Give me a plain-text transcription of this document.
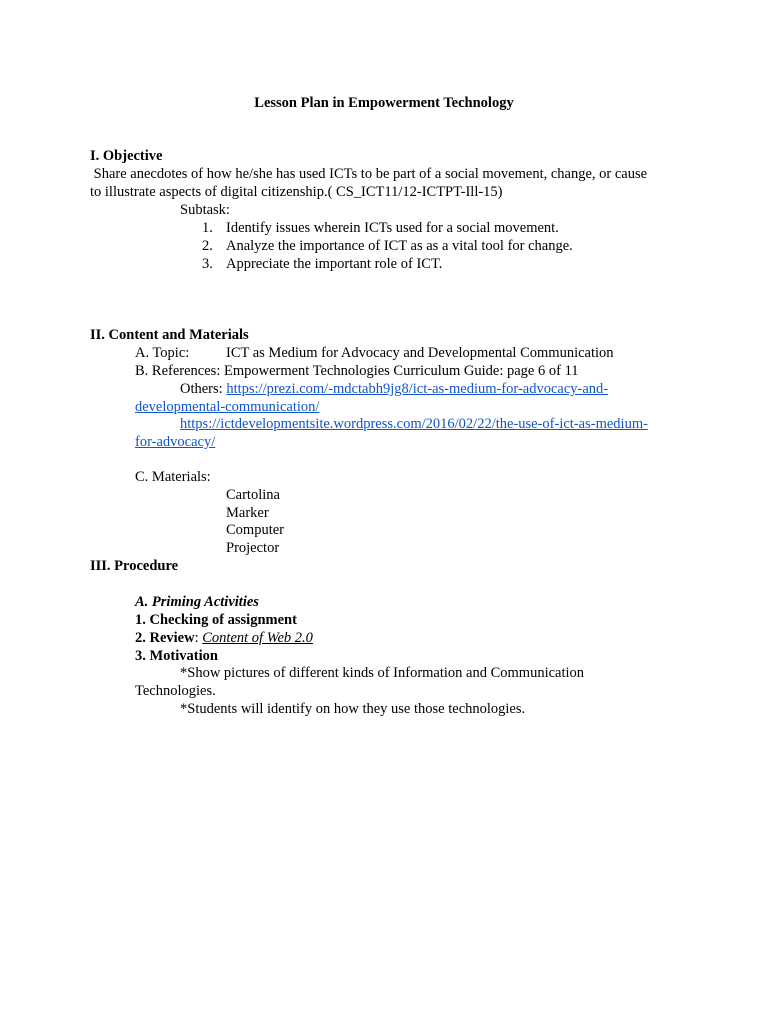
Lesson Plan in Empowerment Technology
I. Objective
Share anecdotes of how he/she has used ICTs to be part of a social movement, change, or cause
to illustrate aspects of digital citizenship.( CS_ICT11/12-ICTPT-Ill-15)
Subtask:
1. Identify issues wherein ICTs used for a social movement.
2. Analyze the importance of ICT as as a vital tool for change.
3. Appreciate the important role of ICT.
II. Content and Materials
A. Topic:	ICT as Medium for Advocacy and Developmental Communication
B. References: Empowerment Technologies Curriculum Guide: page 6 of 11
Others: https://prezi.com/-mdctabh9jg8/ict-as-medium-for-advocacy-and-
developmental-communication/
https://ictdevelopmentsite.wordpress.com/2016/02/22/the-use-of-ict-as-medium-
for-advocacy/
C. Materials:
Cartolina
Marker
Computer
Projector
III. Procedure
A. Priming Activities
1. Checking of assignment
2. Review: Content of Web 2.0
3. Motivation
*Show pictures of different kinds of Information and Communication
Technologies.
*Students will identify on how they use those technologies.
